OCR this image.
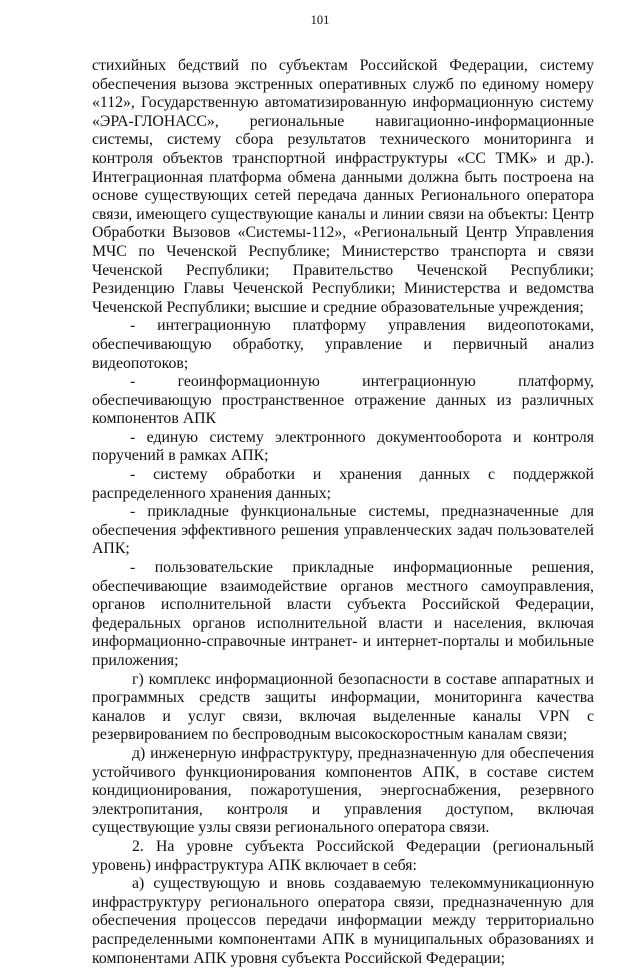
101

стихийных бедствий по субъектам Российской Федерации, систему обеспечения вызова экстренных оперативных служб по единому номеру «112», Государственную автоматизированную информационную систему «ЭРА-ГЛОНАСС», региональные навигационно-информационные системы, систему сбора результатов технического мониторинга и контроля объектов транспортной инфраструктуры «СС ТМК» и др.). Интеграционная платформа обмена данными должна быть построена на основе существующих сетей передача данных Регионального оператора связи, имеющего существующие каналы и линии связи на объекты: Центр Обработки Вызовов «Системы-112», «Региональный Центр Управления МЧС по Чеченской Республике; Министерство транспорта и связи Чеченской Республики; Правительство Чеченской Республики; Резиденцию Главы Чеченской Республики; Министерства и ведомства Чеченской Республики; высшие и средние образовательные учреждения;

- интеграционную платформу управления видеопотоками, обеспечивающую обработку, управление и первичный анализ видеопотоков;

- геоинформационную интеграционную платформу, обеспечивающую пространственное отражение данных из различных компонентов АПК

- единую систему электронного документооборота и контроля поручений в рамках АПК;

- систему обработки и хранения данных с поддержкой распределенного хранения данных;

- прикладные функциональные системы, предназначенные для обеспечения эффективного решения управленческих задач пользователей АПК;

- пользовательские прикладные информационные решения, обеспечивающие взаимодействие органов местного самоуправления, органов исполнительной власти субъекта Российской Федерации, федеральных органов исполнительной власти и населения, включая информационно-справочные интранет- и интернет-порталы и мобильные приложения;

г) комплекс информационной безопасности в составе аппаратных и программных средств защиты информации, мониторинга качества каналов и услуг связи, включая выделенные каналы VPN с резервированием по беспроводным высокоскоростным каналам связи;

д) инженерную инфраструктуру, предназначенную для обеспечения устойчивого функционирования компонентов АПК, в составе систем кондиционирования, пожаротушения, энергоснабжения, резервного электропитания, контроля и управления доступом, включая существующие узлы связи регионального оператора связи.

2. На уровне субъекта Российской Федерации (региональный уровень) инфраструктура АПК включает в себя:

а) существующую и вновь создаваемую телекоммуникационную инфраструктуру регионального оператора связи, предназначенную для обеспечения процессов передачи информации между территориально распределенными компонентами АПК в муниципальных образованиях и компонентами АПК уровня субъекта Российской Федерации;
